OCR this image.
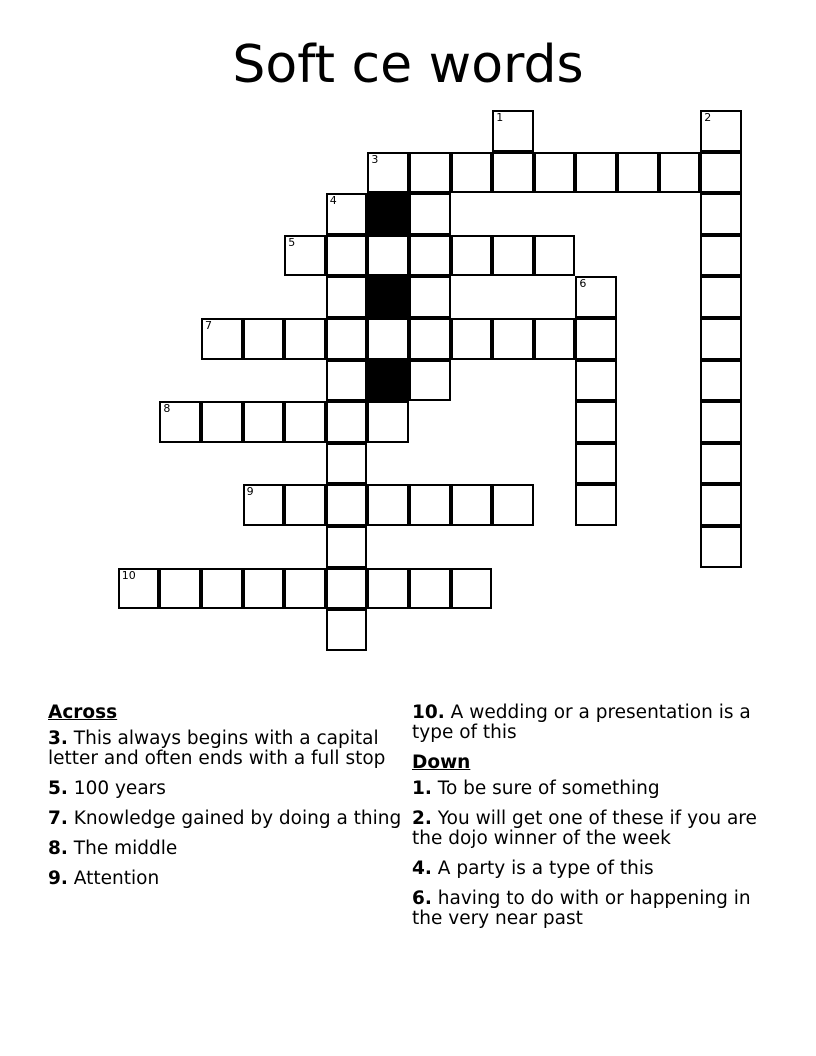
Soft ce words
1	2
3
4
5
6
7
8
9
10
Across
3. This always begins with a capital letter and often ends with a full stop
5. 100 years
7. Knowledge gained by doing a thing
8. The middle
9. Attention
10. A wedding or a presentation is a type of this
Down
1. To be sure of something
2. You will get one of these if you are the dojo winner of the week
4. A party is a type of this
6. having to do with or happening in the very near past
